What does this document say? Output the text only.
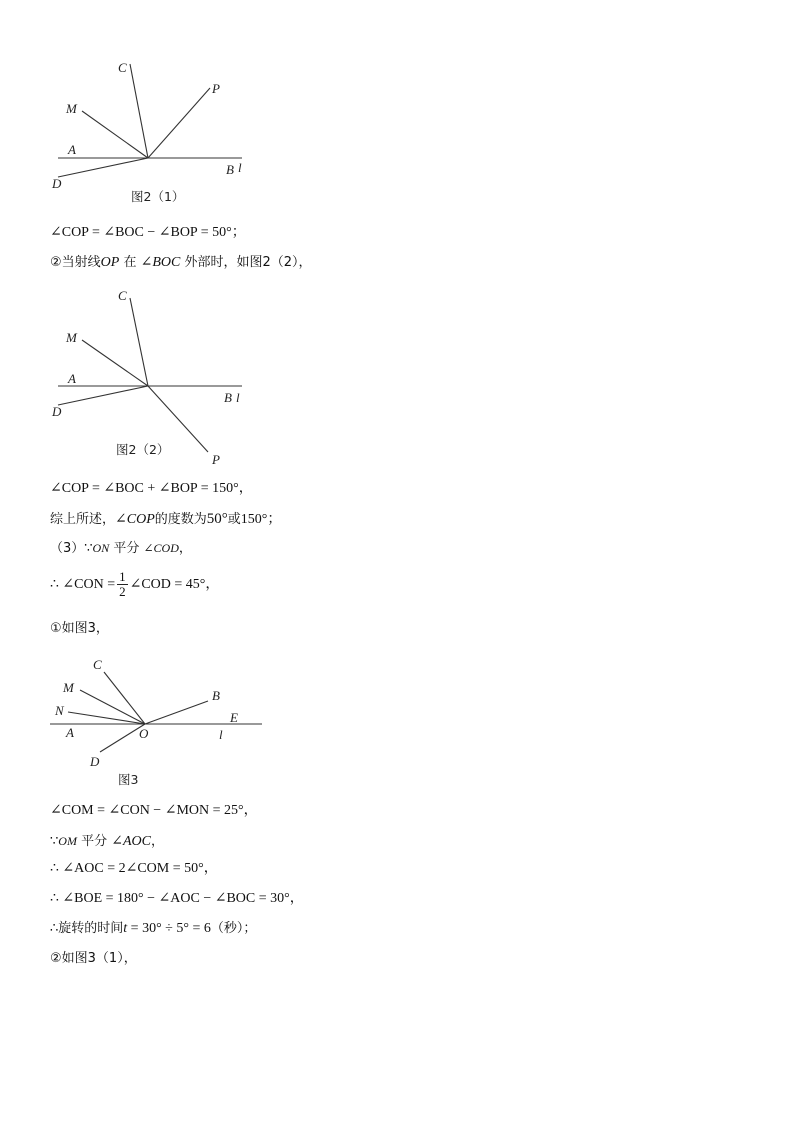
C
P
M
A
B l
D
图2（1）
∠COP = ∠BOC − ∠BOP = 50°；
②当射线OP 在 ∠BOC 外部时，如图2（2），
C
M
A
B l
D
P
图2（2）
∠COP = ∠BOC + ∠BOP = 150°，
综上所述，∠COP的度数为50°或150°；
（3）∵ON 平分 ∠COD，
∴ ∠CON = $\frac{1}{2}$ ∠COD = 45°，
①如图3，
C
M
N
B
E
A	O	l
D
图3
∠COM = ∠CON − ∠MON = 25°，
∵OM 平分 ∠AOC，
∴ ∠AOC = 2∠COM = 50°，
∴ ∠BOE = 180° − ∠AOC − ∠BOC = 30°，
∴旋转的时间t = 30° ÷ 5° = 6（秒）；
②如图3（1），
